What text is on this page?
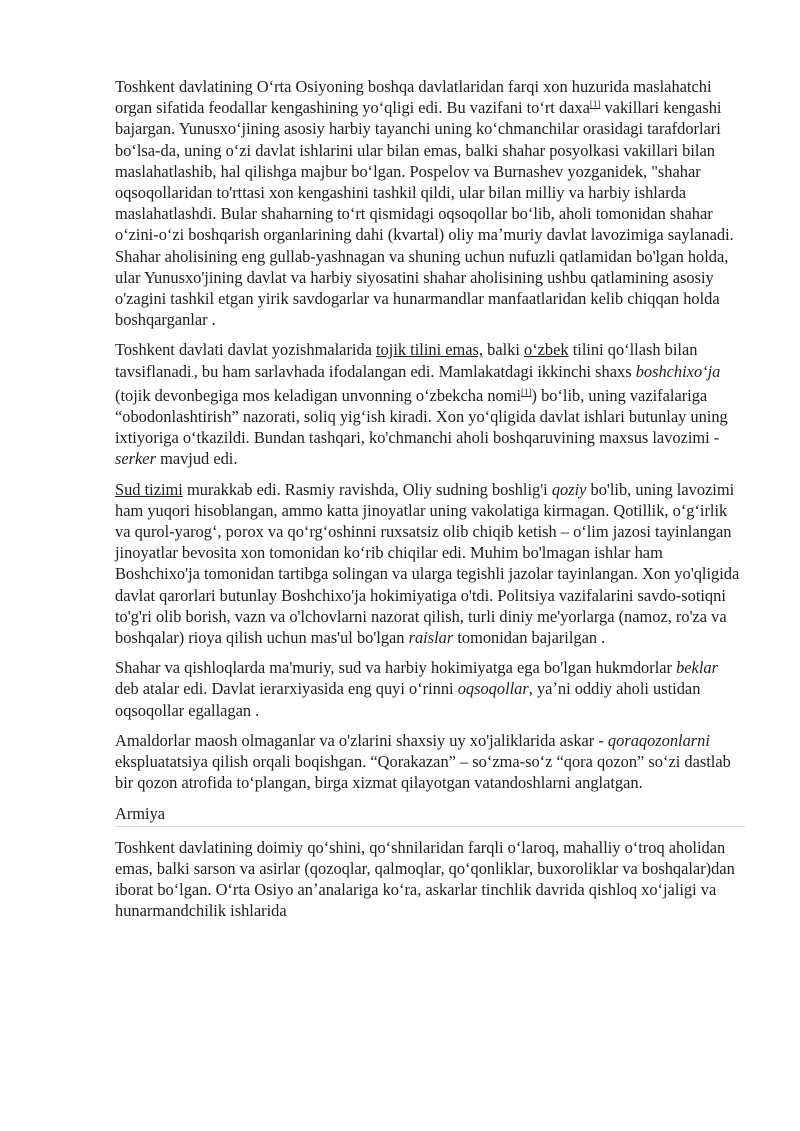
Toshkent davlatining Oʻrta Osiyoning boshqa davlatlaridan farqi xon huzurida maslahatchi organ sifatida feodallar kengashining yoʻqligi edi. Bu vazifani toʻrt daxa[1] vakillari kengashi bajargan. Yunusxoʻjining asosiy harbiy tayanchi uning koʻchmanchilar orasidagi tarafdorlari boʻlsa-da, uning oʻzi davlat ishlarini ular bilan emas, balki shahar posyolkasi vakillari bilan maslahatlashib, hal qilishga majbur boʻlgan. Pospelov va Burnashev yozganidek, "shahar oqsoqollaridan to'rttasi xon kengashini tashkil qildi, ular bilan milliy va harbiy ishlarda maslahatlashdi. Bular shaharning toʻrt qismidagi oqsoqollar boʻlib, aholi tomonidan shahar oʻzini-oʻzi boshqarish organlarining dahi (kvartal) oliy maʼmuriy davlat lavozimiga saylanadi. Shahar aholisining eng gullab-yashnagan va shuning uchun nufuzli qatlamidan bo'lgan holda, ular Yunusxo'jining davlat va harbiy siyosatini shahar aholisining ushbu qatlamining asosiy o'zagini tashkil etgan yirik savdogarlar va hunarmandlar manfaatlaridan kelib chiqqan holda boshqarganlar .

Toshkent davlati davlat yozishmalarida tojik tilini emas, balki oʻzbek tilini qoʻllash bilan tavsiflanadi., bu ham sarlavhada ifodalangan edi. Mamlakatdagi ikkinchi shaxs boshchixoʻja (tojik devonbegiga mos keladigan unvonning oʻzbekcha nomi[1]) boʻlib, uning vazifalariga “obodonlashtirish” nazorati, soliq yigʻish kiradi. Xon yoʻqligida davlat ishlari butunlay uning ixtiyoriga oʻtkazildi. Bundan tashqari, ko'chmanchi aholi boshqaruvining maxsus lavozimi - serker mavjud edi.

Sud tizimi murakkab edi. Rasmiy ravishda, Oliy sudning boshlig'i qoziy bo'lib, uning lavozimi ham yuqori hisoblangan, ammo katta jinoyatlar uning vakolatiga kirmagan. Qotillik, oʻgʻirlik va qurol-yarogʻ, porox va qoʻrgʻoshinni ruxsatsiz olib chiqib ketish – oʻlim jazosi tayinlangan jinoyatlar bevosita xon tomonidan koʻrib chiqilar edi. Muhim bo'lmagan ishlar ham Boshchixo'ja tomonidan tartibga solingan va ularga tegishli jazolar tayinlangan. Xon yo'qligida davlat qarorlari butunlay Boshchixo'ja hokimiyatiga o'tdi. Politsiya vazifalarini savdo-sotiqni to'g'ri olib borish, vazn va o'lchovlarni nazorat qilish, turli diniy me'yorlarga (namoz, ro'za va boshqalar) rioya qilish uchun mas'ul bo'lgan raislar tomonidan bajarilgan .

Shahar va qishloqlarda ma'muriy, sud va harbiy hokimiyatga ega bo'lgan hukmdorlar beklar deb atalar edi. Davlat ierarxiyasida eng quyi oʻrinni oqsoqollar, yaʼni oddiy aholi ustidan oqsoqollar egallagan .

Amaldorlar maosh olmaganlar va o'zlarini shaxsiy uy xo'jaliklarida askar - qoraqozonlarni ekspluatatsiya qilish orqali boqishgan. “Qorakazan” – soʻzma-soʻz “qora qozon” soʻzi dastlab bir qozon atrofida toʻplangan, birga xizmat qilayotgan vatandoshlarni anglatgan.

Armiya

Toshkent davlatining doimiy qoʻshini, qoʻshnilaridan farqli oʻlaroq, mahalliy oʻtroq aholidan emas, balki sarson va asirlar (qozoqlar, qalmoqlar, qoʻqonliklar, buxoroliklar va boshqalar)dan iborat boʻlgan. Oʻrta Osiyo anʼanalariga koʻra, askarlar tinchlik davrida qishloq xoʻjaligi va hunarmandchilik ishlarida
